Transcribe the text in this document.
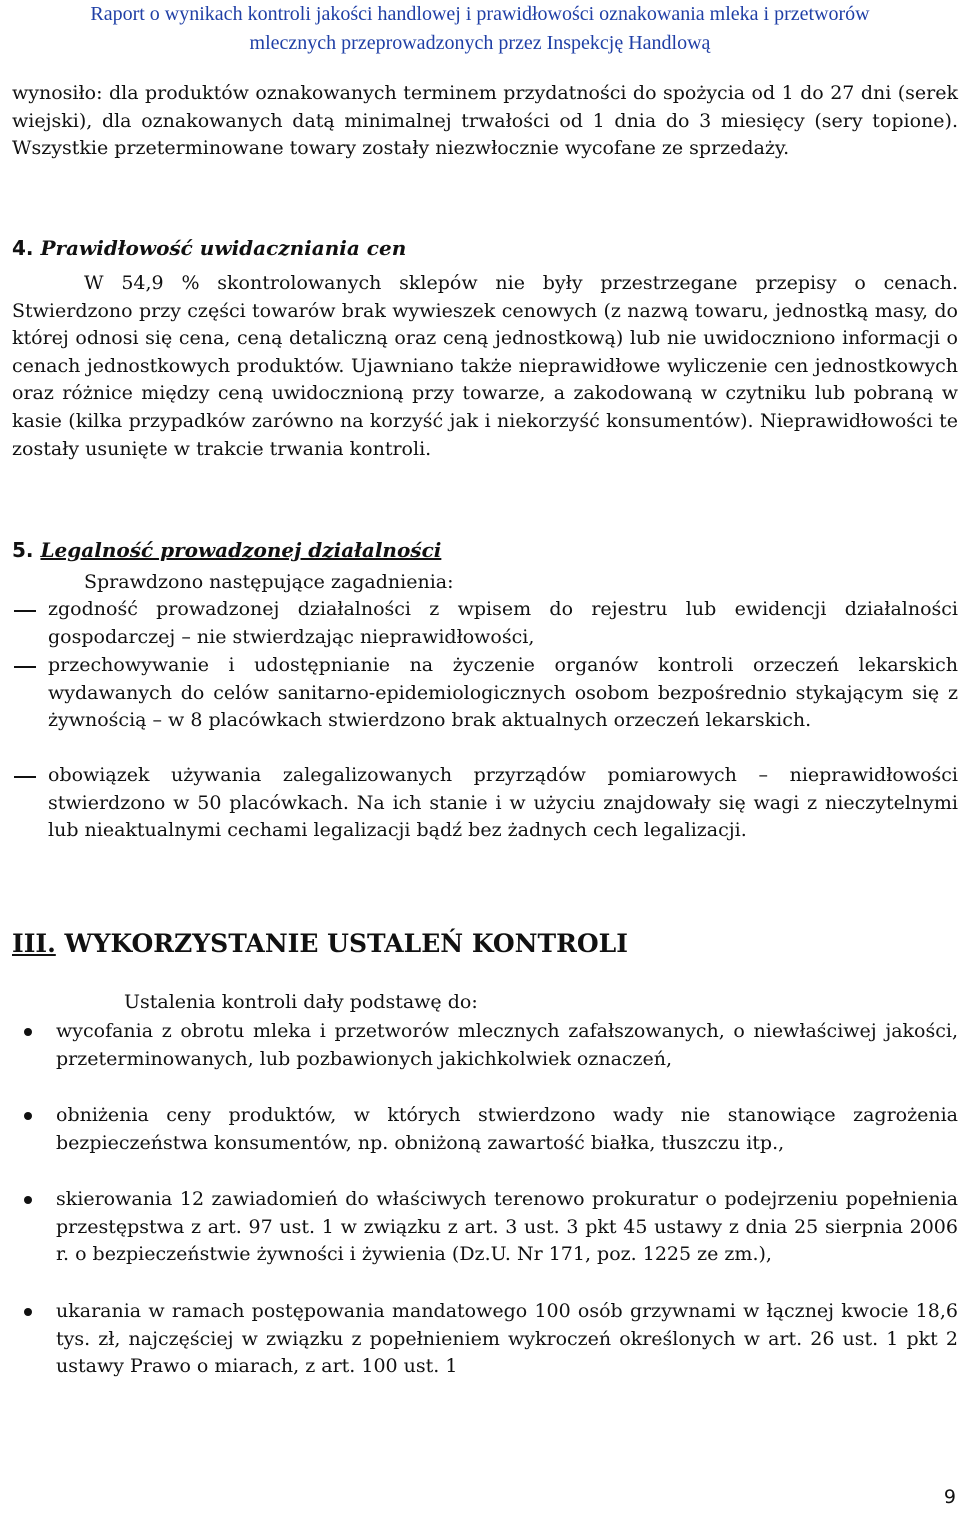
Raport o wynikach kontroli jakości handlowej i prawidłowości oznakowania mleka i przetworów
mlecznych przeprowadzonych przez Inspekcję Handlową
wynosiło: dla produktów oznakowanych terminem przydatności do spożycia od 1 do 27 dni (serek wiejski), dla oznakowanych datą minimalnej trwałości od 1 dnia do 3 miesięcy (sery topione). Wszystkie przeterminowane towary zostały niezwłocznie wycofane ze sprzedaży.
4. Prawidłowość uwidaczniania cen
W 54,9 % skontrolowanych sklepów nie były przestrzegane przepisy o cenach. Stwierdzono przy części towarów brak wywieszek cenowych (z nazwą towaru, jednostką masy, do której odnosi się cena, ceną detaliczną oraz ceną jednostkową) lub nie uwidoczniono informacji o cenach jednostkowych produktów. Ujawniano także nieprawidłowe wyliczenie cen jednostkowych oraz różnice między ceną uwidocznioną przy towarze, a zakodowaną w czytniku lub pobraną w kasie (kilka przypadków zarówno na korzyść jak i niekorzyść konsumentów). Nieprawidłowości te zostały usunięte w trakcie trwania kontroli.
5. Legalność prowadzonej działalności
Sprawdzono następujące zagadnienia:
zgodność prowadzonej działalności z wpisem do rejestru lub ewidencji działalności gospodarczej – nie stwierdzając nieprawidłowości,
przechowywanie i udostępnianie na życzenie organów kontroli orzeczeń lekarskich wydawanych do celów sanitarno-epidemiologicznych osobom bezpośrednio stykającym się z żywnością – w 8 placówkach stwierdzono brak aktualnych orzeczeń lekarskich.
obowiązek używania zalegalizowanych przyrządów pomiarowych – nieprawidłowości stwierdzono w 50 placówkach. Na ich stanie i w użyciu znajdowały się wagi z nieczytelnymi lub nieaktualnymi cechami legalizacji bądź bez żadnych cech legalizacji.
III. WYKORZYSTANIE USTALEŃ KONTROLI
Ustalenia kontroli dały podstawę do:
wycofania z obrotu mleka i przetworów mlecznych zafałszowanych, o niewłaściwej jakości, przeterminowanych, lub pozbawionych jakichkolwiek oznaczeń,
obniżenia ceny produktów, w których stwierdzono wady nie stanowiące zagrożenia bezpieczeństwa konsumentów, np. obniżoną zawartość białka, tłuszczu itp.,
skierowania 12 zawiadomień do właściwych terenowo prokuratur o podejrzeniu popełnienia przestępstwa z art. 97 ust. 1 w związku z art. 3 ust. 3 pkt 45 ustawy z dnia 25 sierpnia 2006 r. o bezpieczeństwie żywności i żywienia (Dz.U. Nr 171, poz. 1225 ze zm.),
ukarania w ramach postępowania mandatowego 100 osób grzywnami w łącznej kwocie 18,6 tys. zł, najczęściej w związku z popełnieniem wykroczeń określonych w art. 26 ust. 1 pkt 2 ustawy Prawo o miarach, z art. 100 ust. 1
9
